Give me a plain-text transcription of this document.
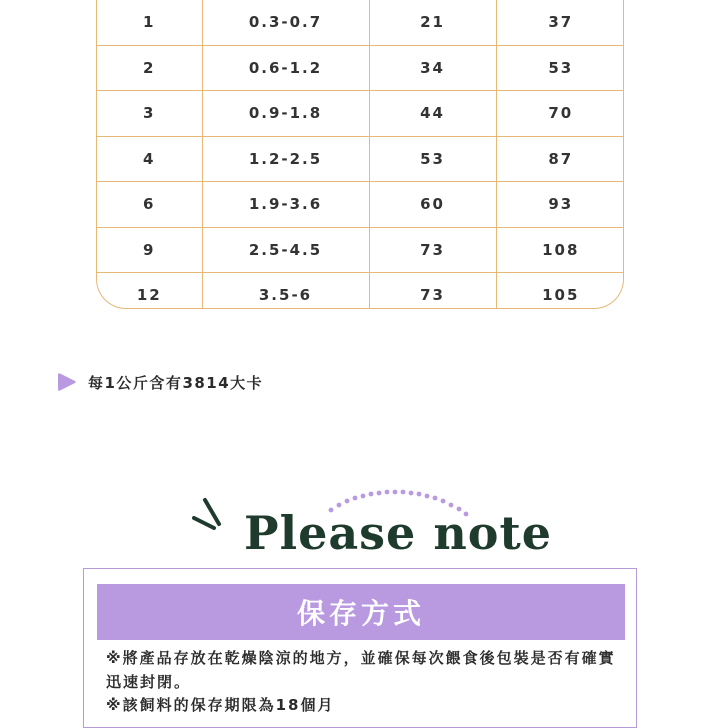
1	0.3-0.7	21	37
2	0.6-1.2	34	53
3	0.9-1.8	44	70
4	1.2-2.5	53	87
6	1.9-3.6	60	93
9	2.5-4.5	73	108
12	3.5-6	73	105
每1公斤含有3814大卡
Please note
保存方式

※將產品存放在乾燥陰涼的地方，並確保每次餵食後包裝是否有確實迅速封閉。

※該飼料的保存期限為18個月
